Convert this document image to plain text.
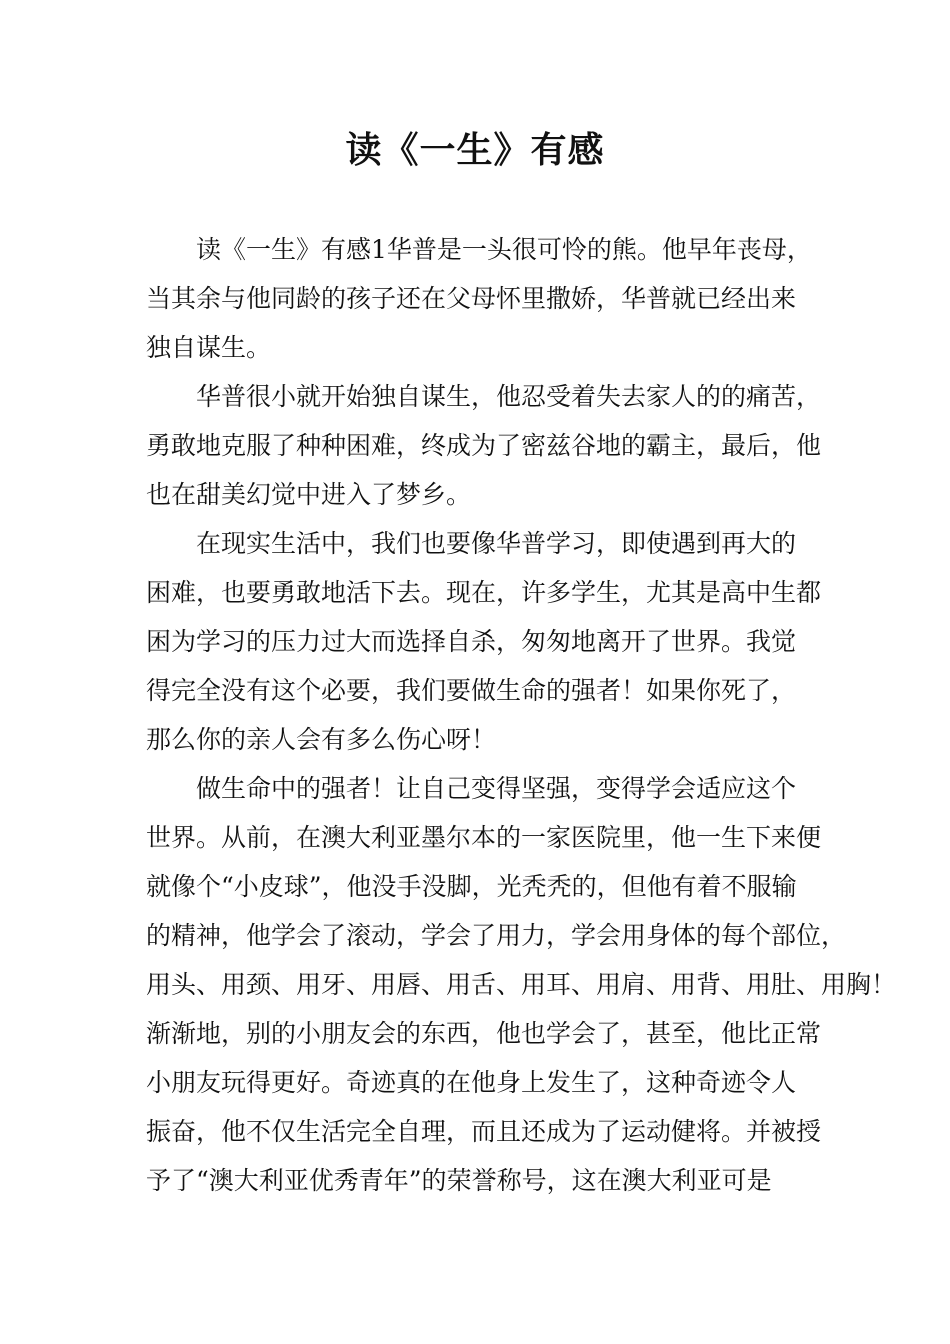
读《一生》有感
读《一生》有感1华普是一头很可怜的熊。他早年丧母，
当其余与他同龄的孩子还在父母怀里撒娇，华普就已经出来
独自谋生。
华普很小就开始独自谋生，他忍受着失去家人的的痛苦，
勇敢地克服了种种困难，终成为了密兹谷地的霸主，最后，他
也在甜美幻觉中进入了梦乡。
在现实生活中，我们也要像华普学习，即使遇到再大的
困难，也要勇敢地活下去。现在，许多学生，尤其是高中生都
困为学习的压力过大而选择自杀，匆匆地离开了世界。我觉
得完全没有这个必要，我们要做生命的强者！如果你死了，
那么你的亲人会有多么伤心呀！
做生命中的强者！让自己变得坚强，变得学会适应这个
世界。从前，在澳大利亚墨尔本的一家医院里，他一生下来便
就像个“小皮球”，他没手没脚，光秃秃的，但他有着不服输
的精神，他学会了滚动，学会了用力，学会用身体的每个部位，
用头、用颈、用牙、用唇、用舌、用耳、用肩、用背、用肚、用胸！
渐渐地，别的小朋友会的东西，他也学会了，甚至，他比正常
小朋友玩得更好。奇迹真的在他身上发生了，这种奇迹令人
振奋，他不仅生活完全自理，而且还成为了运动健将。并被授
予了“澳大利亚优秀青年”的荣誉称号，这在澳大利亚可是
